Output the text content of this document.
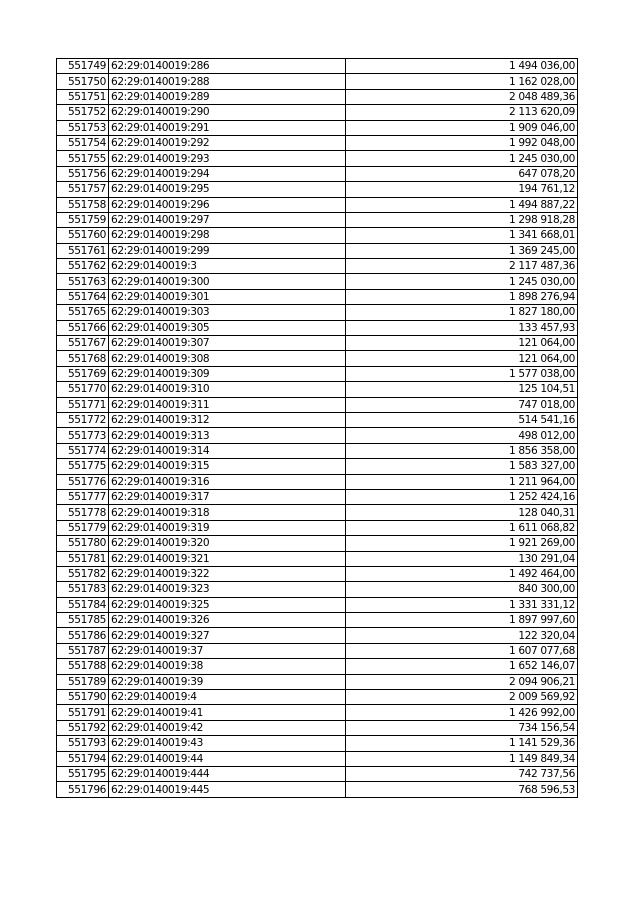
551749	62:29:0140019:286	1 494 036,00
551750	62:29:0140019:288	1 162 028,00
551751	62:29:0140019:289	2 048 489,36
551752	62:29:0140019:290	2 113 620,09
551753	62:29:0140019:291	1 909 046,00
551754	62:29:0140019:292	1 992 048,00
551755	62:29:0140019:293	1 245 030,00
551756	62:29:0140019:294	647 078,20
551757	62:29:0140019:295	194 761,12
551758	62:29:0140019:296	1 494 887,22
551759	62:29:0140019:297	1 298 918,28
551760	62:29:0140019:298	1 341 668,01
551761	62:29:0140019:299	1 369 245,00
551762	62:29:0140019:3	2 117 487,36
551763	62:29:0140019:300	1 245 030,00
551764	62:29:0140019:301	1 898 276,94
551765	62:29:0140019:303	1 827 180,00
551766	62:29:0140019:305	133 457,93
551767	62:29:0140019:307	121 064,00
551768	62:29:0140019:308	121 064,00
551769	62:29:0140019:309	1 577 038,00
551770	62:29:0140019:310	125 104,51
551771	62:29:0140019:311	747 018,00
551772	62:29:0140019:312	514 541,16
551773	62:29:0140019:313	498 012,00
551774	62:29:0140019:314	1 856 358,00
551775	62:29:0140019:315	1 583 327,00
551776	62:29:0140019:316	1 211 964,00
551777	62:29:0140019:317	1 252 424,16
551778	62:29:0140019:318	128 040,31
551779	62:29:0140019:319	1 611 068,82
551780	62:29:0140019:320	1 921 269,00
551781	62:29:0140019:321	130 291,04
551782	62:29:0140019:322	1 492 464,00
551783	62:29:0140019:323	840 300,00
551784	62:29:0140019:325	1 331 331,12
551785	62:29:0140019:326	1 897 997,60
551786	62:29:0140019:327	122 320,04
551787	62:29:0140019:37	1 607 077,68
551788	62:29:0140019:38	1 652 146,07
551789	62:29:0140019:39	2 094 906,21
551790	62:29:0140019:4	2 009 569,92
551791	62:29:0140019:41	1 426 992,00
551792	62:29:0140019:42	734 156,54
551793	62:29:0140019:43	1 141 529,36
551794	62:29:0140019:44	1 149 849,34
551795	62:29:0140019:444	742 737,56
551796	62:29:0140019:445	768 596,53
